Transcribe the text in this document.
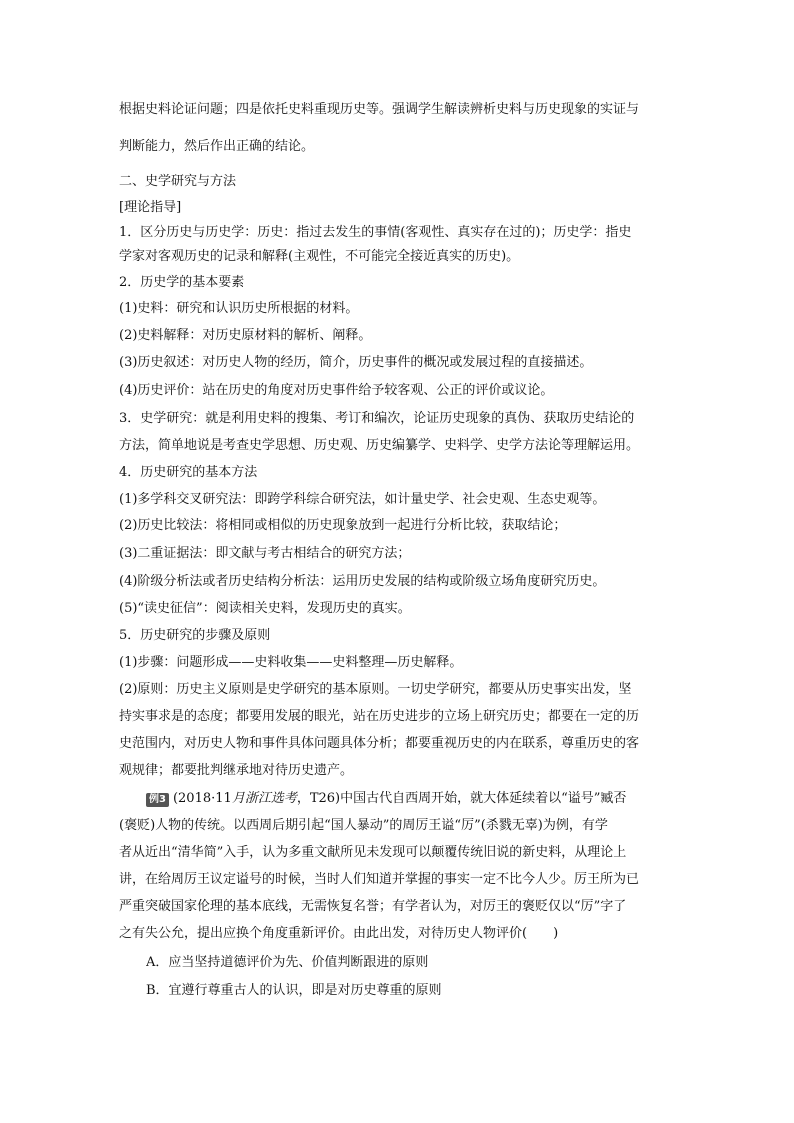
根据史料论证问题；四是依托史料重现历史等。强调学生解读辨析史料与历史现象的实证与
判断能力，然后作出正确的结论。
二、史学研究与方法
[理论指导]
1．区分历史与历史学：历史：指过去发生的事情(客观性、真实存在过的)；历史学：指史
学家对客观历史的记录和解释(主观性，不可能完全接近真实的历史)。
2．历史学的基本要素
(1)史料：研究和认识历史所根据的材料。
(2)史料解释：对历史原材料的解析、阐释。
(3)历史叙述：对历史人物的经历，简介，历史事件的概况或发展过程的直接描述。
(4)历史评价：站在历史的角度对历史事件给予较客观、公正的评价或议论。
3．史学研究：就是利用史料的搜集、考订和编次，论证历史现象的真伪、获取历史结论的
方法，简单地说是考查史学思想、历史观、历史编纂学、史料学、史学方法论等理解运用。
4．历史研究的基本方法
(1)多学科交叉研究法：即跨学科综合研究法，如计量史学、社会史观、生态史观等。
(2)历史比较法：将相同或相似的历史现象放到一起进行分析比较，获取结论；
(3)二重证据法：即文献与考古相结合的研究方法；
(4)阶级分析法或者历史结构分析法：运用历史发展的结构或阶级立场角度研究历史。
(5)“读史征信”：阅读相关史料，发现历史的真实。
5．历史研究的步骤及原则
(1)步骤：问题形成——史料收集——史料整理—历史解释。
(2)原则：历史主义原则是史学研究的基本原则。一切史学研究，都要从历史事实出发，坚
持实事求是的态度；都要用发展的眼光，站在历史进步的立场上研究历史；都要在一定的历
史范围内，对历史人物和事件具体问题具体分析；都要重视历史的内在联系，尊重历史的客
观规律；都要批判继承地对待历史遗产。
例3 (2018·11月浙江选考，T26)中国古代自西周开始，就大体延续着以“谥号”臧否
(褒贬)人物的传统。以西周后期引起“国人暴动”的周厉王谥“厉”(杀戮无辜)为例，有学
者从近出“清华简”入手，认为多重文献所见未发现可以颠覆传统旧说的新史料，从理论上
讲，在给周厉王议定谥号的时候，当时人们知道并掌握的事实一定不比今人少。厉王所为已
严重突破国家伦理的基本底线，无需恢复名誉；有学者认为，对厉王的褒贬仅以“厉”字了
之有失公允，提出应换个角度重新评价。由此出发，对待历史人物评价(　　)
A．应当坚持道德评价为先、价值判断跟进的原则
B．宜遵行尊重古人的认识，即是对历史尊重的原则
